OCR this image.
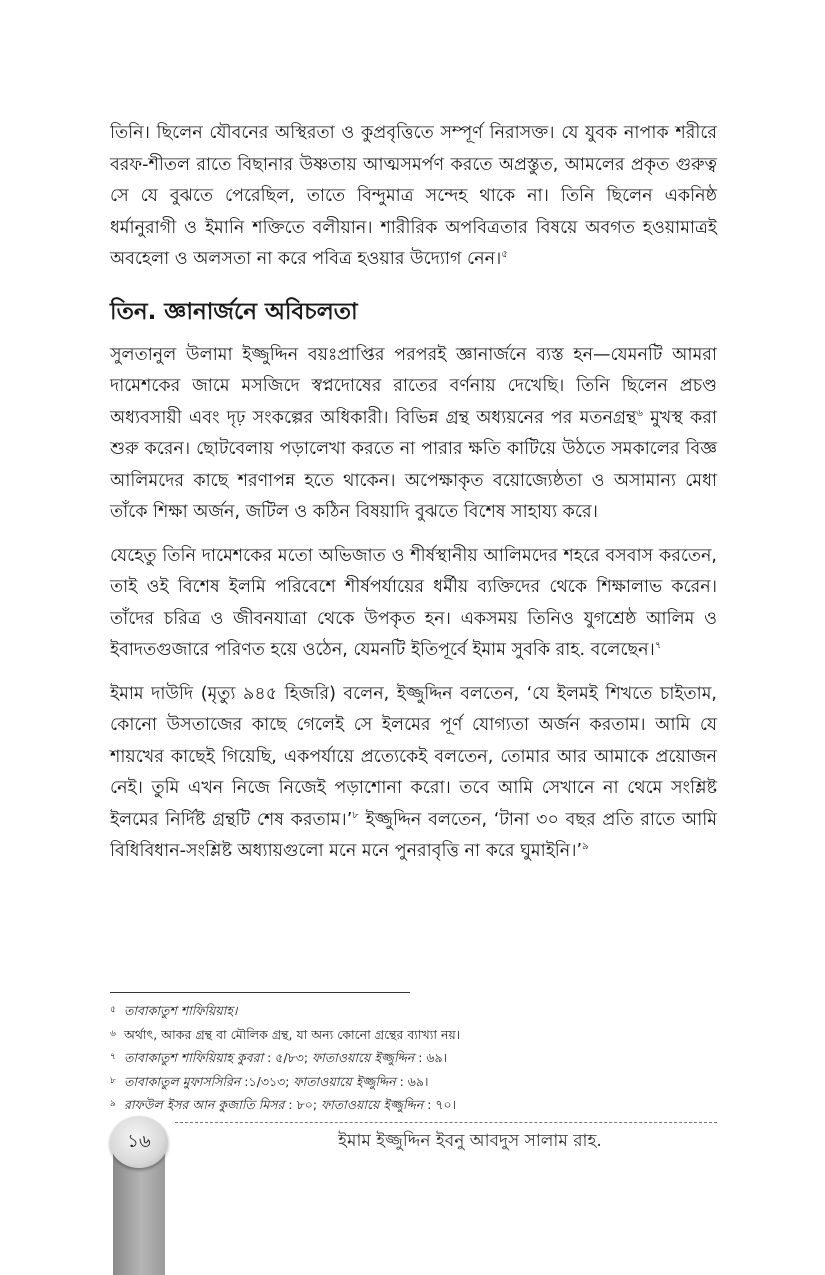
তিনি। ছিলেন যৌবনের অস্থিরতা ও কুপ্রবৃত্তিতে সম্পূর্ণ নিরাসক্ত। যে যুবক নাপাক শরীরে বরফ-শীতল রাতে বিছানার উষ্ণতায় আত্মসমর্পণ করতে অপ্রস্তুত, আমলের প্রকৃত গুরুত্ব সে যে বুঝতে পেরেছিল, তাতে বিন্দুমাত্র সন্দেহ থাকে না। তিনি ছিলেন একনিষ্ঠ ধর্মানুরাগী ও ইমানি শক্তিতে বলীয়ান। শারীরিক অপবিত্রতার বিষয়ে অবগত হওয়ামাত্রই অবহেলা ও অলসতা না করে পবিত্র হওয়ার উদ্যোগ নেন।$^৫$

তিন. জ্ঞানার্জনে অবিচলতা

সুলতানুল উলামা ইজ্জুদ্দিন বয়ঃপ্রাপ্তির পরপরই জ্ঞানার্জনে ব্যস্ত হন—যেমনটি আমরা দামেশকের জামে মসজিদে স্বপ্নদোষের রাতের বর্ণনায় দেখেছি। তিনি ছিলেন প্রচণ্ড অধ্যবসায়ী এবং দৃঢ় সংকল্পের অধিকারী। বিভিন্ন গ্রন্থ অধ্যয়নের পর মতনগ্রন্থ$^৬$ মুখস্থ করা শুরু করেন। ছোটবেলায় পড়ালেখা করতে না পারার ক্ষতি কাটিয়ে উঠতে সমকালের বিজ্ঞ আলিমদের কাছে শরণাপন্ন হতে থাকেন। অপেক্ষাকৃত বয়োজ্যেষ্ঠতা ও অসামান্য মেধা তাঁকে শিক্ষা অর্জন, জটিল ও কঠিন বিষয়াদি বুঝতে বিশেষ সাহায্য করে।

যেহেতু তিনি দামেশকের মতো অভিজাত ও শীর্ষস্থানীয় আলিমদের শহরে বসবাস করতেন, তাই ওই বিশেষ ইলমি পরিবেশে শীর্ষপর্যায়ের ধর্মীয় ব্যক্তিদের থেকে শিক্ষালাভ করেন। তাঁদের চরিত্র ও জীবনযাত্রা থেকে উপকৃত হন। একসময় তিনিও যুগশ্রেষ্ঠ আলিম ও ইবাদতগুজারে পরিণত হয়ে ওঠেন, যেমনটি ইতিপূর্বে ইমাম সুবকি রাহ. বলেছেন।$^৭$

ইমাম দাউদি (মৃত্যু ৯৪৫ হিজরি) বলেন, ইজ্জুদ্দিন বলতেন, ‘যে ইলমই শিখতে চাইতাম, কোনো উসতাজের কাছে গেলেই সে ইলমের পূর্ণ যোগ্যতা অর্জন করতাম। আমি যে শায়খের কাছেই গিয়েছি, একপর্যায়ে প্রত্যেকেই বলতেন, তোমার আর আমাকে প্রয়োজন নেই। তুমি এখন নিজে নিজেই পড়াশোনা করো। তবে আমি সেখানে না থেমে সংশ্লিষ্ট ইলমের নির্দিষ্ট গ্রন্থটি শেষ করতাম।’$^৮$ ইজ্জুদ্দিন বলতেন, ‘টানা ৩০ বছর প্রতি রাতে আমি বিধিবিধান-সংশ্লিষ্ট অধ্যায়গুলো মনে মনে পুনরাবৃত্তি না করে ঘুমাইনি।’$^৯$

৫ তাবাকাতুশ শাফিয়িয়াহ।
৬ অর্থাৎ, আকর গ্রন্থ বা মৌলিক গ্রন্থ, যা অন্য কোনো গ্রন্থের ব্যাখ্যা নয়।
৭ তাবাকাতুশ শাফিয়িয়াহ কুবরা : ৫/৮৩; ফাতাওয়ায়ে ইজ্জুদ্দিন : ৬৯।
৮ তাবাকাতুল মুফাসসিরিন :১/৩১৩; ফাতাওয়ায়ে ইজ্জুদ্দিন : ৬৯।
৯ রাফউল ইসর আন কুজাতি মিসর : ৮০; ফাতাওয়ায়ে ইজ্জুদ্দিন : ৭০।
১৬	ইমাম ইজ্জুদ্দিন ইবনু আবদুস সালাম রাহ.
